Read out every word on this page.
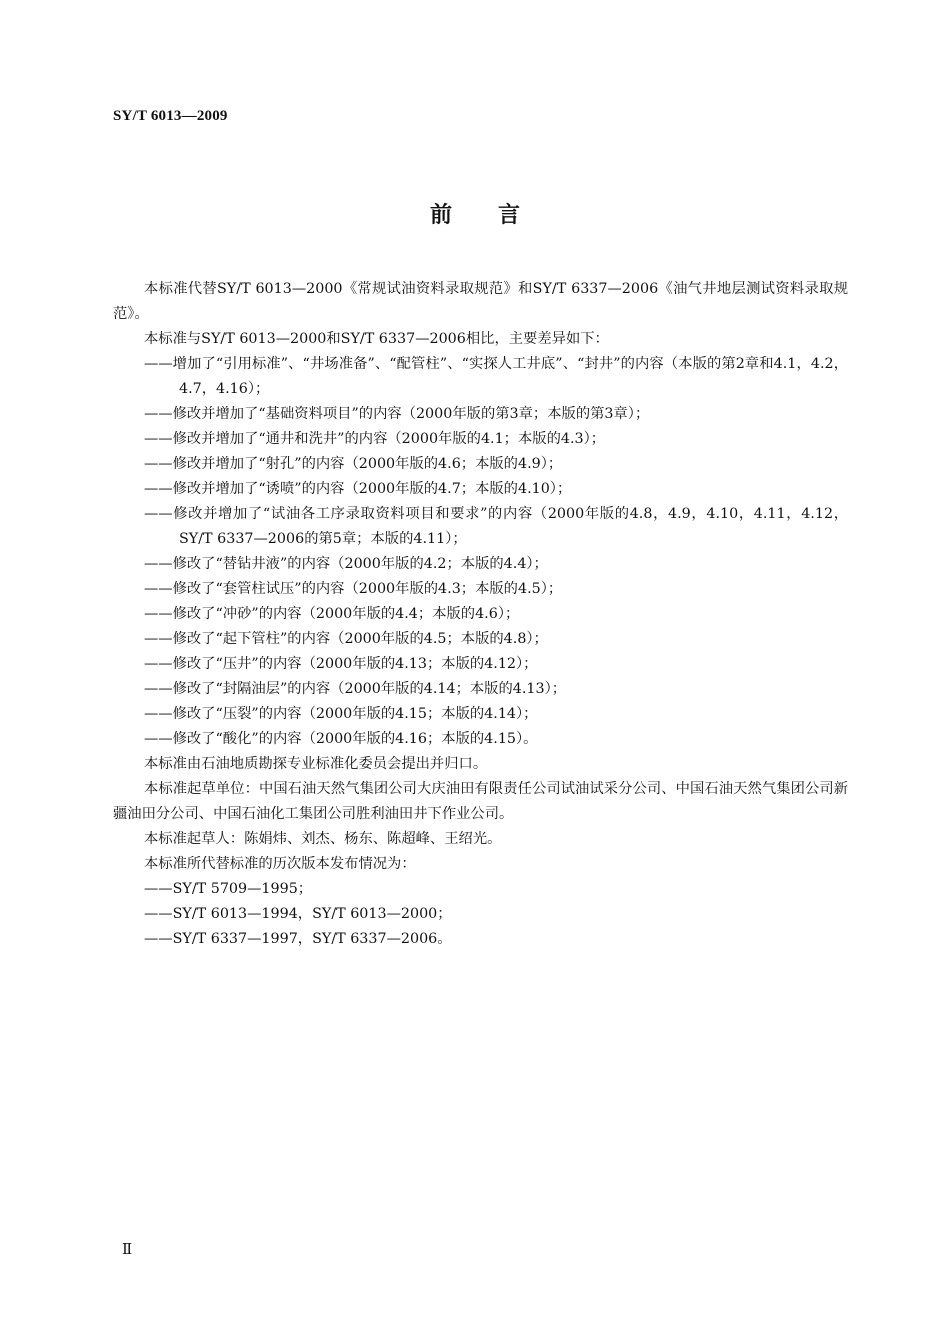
SY/T 6013—2009
前言

本标准代替SY/T 6013—2000《常规试油资料录取规范》和SY/T 6337—2006《油气井地层测试资料录取规范》。

本标准与SY/T 6013—2000和SY/T 6337—2006相比，主要差异如下：

——增加了“引用标准”、“井场准备”、“配管柱”、“实探人工井底”、“封井”的内容（本版的第2章和4.1，4.2，4.7，4.16）；

——修改并增加了“基础资料项目”的内容（2000年版的第3章；本版的第3章）；

——修改并增加了“通井和洗井”的内容（2000年版的4.1；本版的4.3）；

——修改并增加了“射孔”的内容（2000年版的4.6；本版的4.9）；

——修改并增加了“诱喷”的内容（2000年版的4.7；本版的4.10）；

——修改并增加了“试油各工序录取资料项目和要求”的内容（2000年版的4.8，4.9，4.10，4.11，4.12，SY/T 6337—2006的第5章；本版的4.11）；

——修改了“替钻井液”的内容（2000年版的4.2；本版的4.4）；

——修改了“套管柱试压”的内容（2000年版的4.3；本版的4.5）；

——修改了“冲砂”的内容（2000年版的4.4；本版的4.6）；

——修改了“起下管柱”的内容（2000年版的4.5；本版的4.8）；

——修改了“压井”的内容（2000年版的4.13；本版的4.12）；

——修改了“封隔油层”的内容（2000年版的4.14；本版的4.13）；

——修改了“压裂”的内容（2000年版的4.15；本版的4.14）；

——修改了“酸化”的内容（2000年版的4.16；本版的4.15）。

本标准由石油地质勘探专业标准化委员会提出并归口。

本标准起草单位：中国石油天然气集团公司大庆油田有限责任公司试油试采分公司、中国石油天然气集团公司新疆油田分公司、中国石油化工集团公司胜利油田井下作业公司。

本标准起草人：陈娟炜、刘杰、杨东、陈超峰、王绍光。

本标准所代替标准的历次版本发布情况为：

——SY/T 5709—1995；

——SY/T 6013—1994，SY/T 6013—2000；

——SY/T 6337—1997，SY/T 6337—2006。

Ⅱ
